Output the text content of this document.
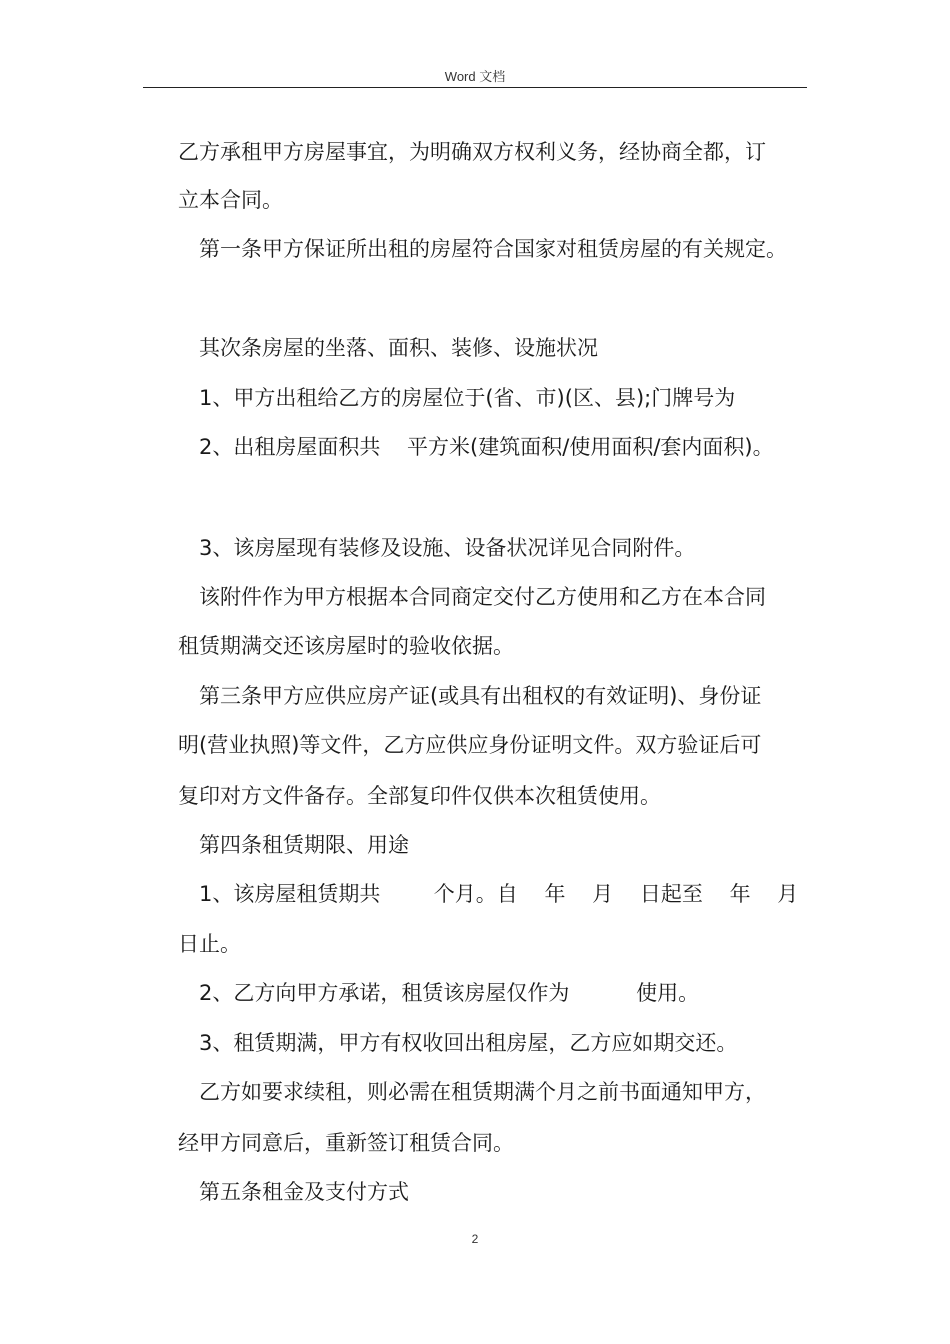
Word 文档
乙方承租甲方房屋事宜，为明确双方权利义务，经协商全都，订
立本合同。
第一条甲方保证所出租的房屋符合国家对租赁房屋的有关规定。
其次条房屋的坐落、面积、装修、设施状况
1、甲方出租给乙方的房屋位于(省、市)(区、县);门牌号为
2、出租房屋面积共    平方米(建筑面积/使用面积/套内面积)。
3、该房屋现有装修及设施、设备状况详见合同附件。
该附件作为甲方根据本合同商定交付乙方使用和乙方在本合同
租赁期满交还该房屋时的验收依据。
第三条甲方应供应房产证(或具有出租权的有效证明)、身份证
明(营业执照)等文件，乙方应供应身份证明文件。双方验证后可
复印对方文件备存。全部复印件仅供本次租赁使用。
第四条租赁期限、用途
1、该房屋租赁期共        个月。自    年    月    日起至    年    月
日止。
2、乙方向甲方承诺，租赁该房屋仅作为          使用。
3、租赁期满，甲方有权收回出租房屋，乙方应如期交还。
乙方如要求续租，则必需在租赁期满个月之前书面通知甲方，
经甲方同意后，重新签订租赁合同。
第五条租金及支付方式
2
